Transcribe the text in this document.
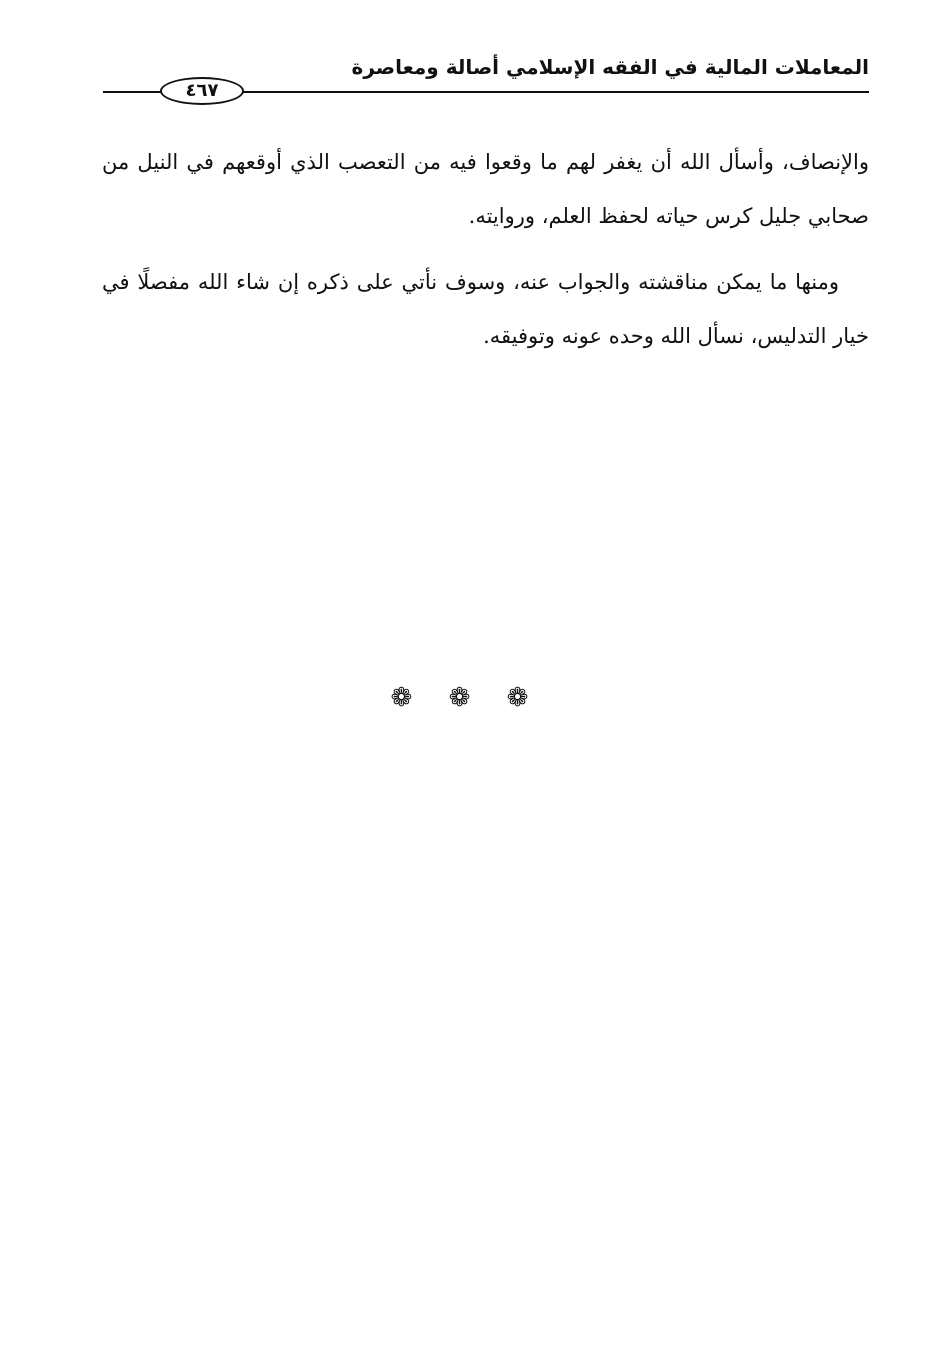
المعاملات المالية في الفقه الإسلامي أصالة ومعاصرة
٤٦٧

والإنصاف، وأسأل الله أن يغفر لهم ما وقعوا فيه من التعصب الذي أوقعهم في النيل من صحابي جليل كرس حياته لحفظ العلم، وروايته.

ومنها ما يمكن مناقشته والجواب عنه، وسوف نأتي على ذكره إن شاء الله مفصلًا في خيار التدليس، نسأل الله وحده عونه وتوفيقه.

❁ ❁ ❁
